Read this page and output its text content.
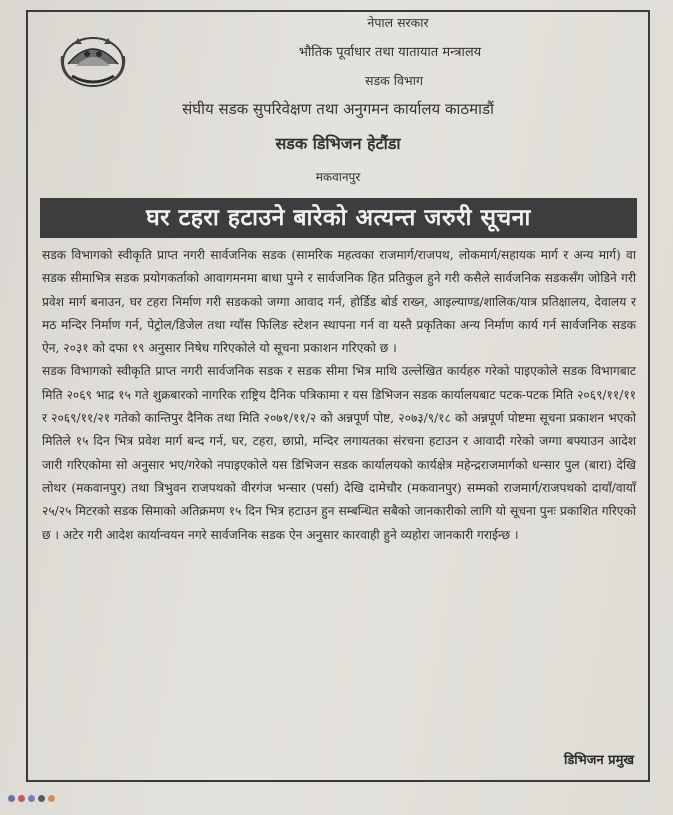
नेपाल सरकार
भौतिक पूर्वाधार तथा यातायात मन्त्रालय
सडक विभाग
संघीय सडक सुपरिवेक्षण तथा अनुगमन कार्यालय काठमाडौं
सडक डिभिजन हेटौंडा
मकवानपुर
घर टहरा हटाउने बारेको अत्यन्त जरुरी सूचना

सडक विभागको स्वीकृति प्राप्त नगरी सार्वजनिक सडक (सामरिक महत्वका राजमार्ग/राजपथ, लोकमार्ग/सहायक मार्ग र अन्य मार्ग) वा सडक सीमाभित्र सडक प्रयोगकर्ताको आवागमनमा बाधा पुग्ने र सार्वजनिक हित प्रतिकुल हुने गरी कसैले सार्वजनिक सडकसँग जोडिने गरी प्रवेश मार्ग बनाउन, घर टहरा निर्माण गरी सडकको जग्गा आवाद गर्न, होर्डिड बोर्ड राख्न, आइल्याण्ड/शालिक/यात्र प्रतिक्षालय, देवालय र मठ मन्दिर निर्माण गर्न, पेट्रोल/डिजेल तथा ग्याँस फिलिङ स्टेशन स्थापना गर्न वा यस्तै प्रकृतिका अन्य निर्माण कार्य गर्न सार्वजनिक सडक ऐन, २०३१ को दफा १९ अनुसार निषेध गरिएकोले यो सूचना प्रकाशन गरिएको छ ।

सडक विभागको स्वीकृति प्राप्त नगरी सार्वजनिक सडक र सडक सीमा भित्र माथि उल्लेखित कार्यहरु गरेको पाइएकोले सडक विभागबाट मिति २०६९ भाद्र १५ गते शुक्रबारको नागरिक राष्ट्रिय दैनिक पत्रिकामा र यस डिभिजन सडक कार्यालयबाट पटक-पटक मिति २०६९/११/११ र २०६९/११/२१ गतेको कान्तिपुर दैनिक तथा मिति २०७१/११/२ को अन्नपूर्ण पोष्ट, २०७३/९/१८ को अन्नपूर्ण पोष्टमा सूचना प्रकाशन भएको मितिले १५ दिन भित्र प्रवेश मार्ग बन्द गर्न, घर, टहरा, छाप्रो, मन्दिर लगायतका संरचना हटाउन र आवादी गरेको जग्गा बफ्याउन आदेश जारी गरिएकोमा सो अनुसार भए/गरेको नपाइएकोले यस डिभिजन सडक कार्यालयको कार्यक्षेत्र महेन्द्रराजमार्गको धन्सार पुल (बारा) देखि लोथर (मकवानपुर) तथा त्रिभुवन राजपथको वीरगंज भन्सार (पर्सा) देखि दामेचौर (मकवानपुर) सम्मको राजमार्ग/राजपथको दायाँ/वायाँ २५/२५ मिटरको सडक सिमाको अतिक्रमण १५ दिन भित्र हटाउन हुन सम्बन्धित सबैको जानकारीको लागि यो सूचना पुनः प्रकाशित गरिएको छ । अटेर गरी आदेश कार्यान्वयन नगरे सार्वजनिक सडक ऐन अनुसार कारवाही हुने व्यहोरा जानकारी गराईन्छ ।

डिभिजन प्रमुख
